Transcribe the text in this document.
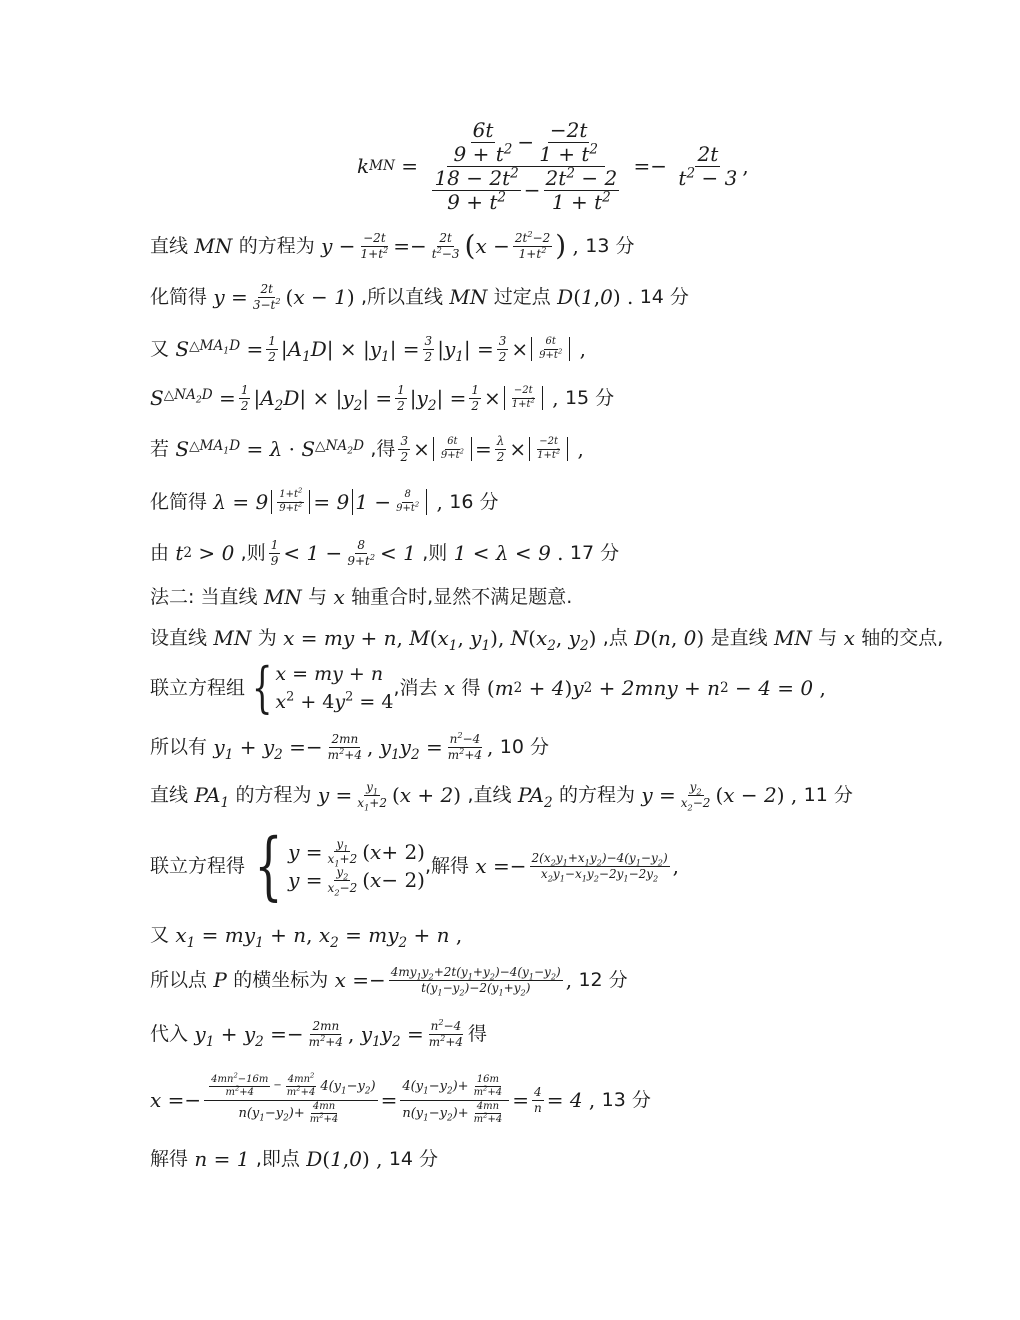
k MN = 6t
$9 + t^2 - \frac{-2t}{1 + t^2}$
$18 - 2t^2$
$9 + t^2 - \frac{2t^2 - 2}{1 + t^2} =- \frac{2t}{t^2 - 3}$ ,
直线
MN
的方程为
y − −2t
$1+t^2 =- 2t$
$t^2-3$ ( $x - 2t^2-2$
$1+t^2$ ) , 13 分
化简得
y = 2t
$3-t^2$ ( x − 1 ) ,所以直线
MN
过定点
D ( 1 , 0 ) . 14 分
又
S $\triangle MA_1D = 1$
2 | $A_1D$ | × | $y_1$ | = 3
2 | $y_1$ | = 3
2 × 6t
$9+t^2$ ,
S $\triangle NA_2D = 1$
2 | $A_2D$ | × | $y_2$ | = 1
2 | $y_2$ | = 1
2 × −2t
$1+t^2$ , 15 分
若
S $\triangle MA_1D = \lambda \cdot S$ $\triangle NA_2D$
,得 3
2 × 6t
$9+t^2 = \lambda$
2 × −2t
$1+t^2$ ,
化简得
λ = 9 $1+t^2$
$9+t^2 = 9$ 1 − 8
$9+t^2$ , 16 分
由
t 2 > 0
,则 1
9 < 1 − 8
$9+t^2 < 1$
,则
1 < λ < 9 . 17 分
法二: 当直线
MN
与
x
轴重合时,显然不满足题意.
设直线
MN
为
x = my + n , M ( $x_1$ , $y_1$ ), N ( $x_2$ , $y_2$ ) ,点
D ( n , 0 ) 是直线
MN
与
x
轴的交点,
联立方程组 { x = my + n
$x^2 + 4y^2 = 4$
,消去
x
得 ( m 2 + 4 ) y 2 + 2mny + n 2 − 4 = 0 ,
所以有
$y_1 + y_2 =- 2mn$
$m^2+4$ , $y_1y_2 = n^2-4$
$m^2+4$ , 10 分
直线
$PA_1$
的方程为
$y = y_1$
$x_1+2$ ( x + 2 ) ,直线
$PA_2$
的方程为
$y = y_2$
$x_2-2$ ( x − 2 ) , 11 分
联立方程得 { $y = y_1$
$x_1+2$ ( x + 2)
$y = y_2$
$x_2-2$ ( x − 2)
,解得
$x =- 2(x_2y_1+x_1y_2)-4(y_1-y_2)$
$x_2y_1-x_1y_2-2y_1-2y_2$ ,
又
$x_1 = my_1 + n$ , $x_2 = my_2 + n$ ,
所以点
P
的横坐标为
$x =- 4my_1y_2+2t(y_1+y_2)-4(y_1-y_2)$
$t(y_1-y_2)-2(y_1+y_2)$ , 12 分
代入
$y_1 + y_2 =- 2mn$
$m^2+4$ , $y_1y_2 = n^2-4$
$m^2+4$ 得
x =−
$4mn^2-16m$
$m^2+4$
−
$4mn^2$
$m^2+4$ $4(y_1-y_2)$
$n(y_1-y_2)+ \frac{4mn}{m^2+4}$
=
$4(y_1-y_2)+ \frac{16m}{m^2+4}$
$n(y_1-y_2)+ \frac{4mn}{m^2+4}$
= 4
n = 4 , 13 分
解得
n = 1
,即点
D ( 1 , 0 ) , 14 分
